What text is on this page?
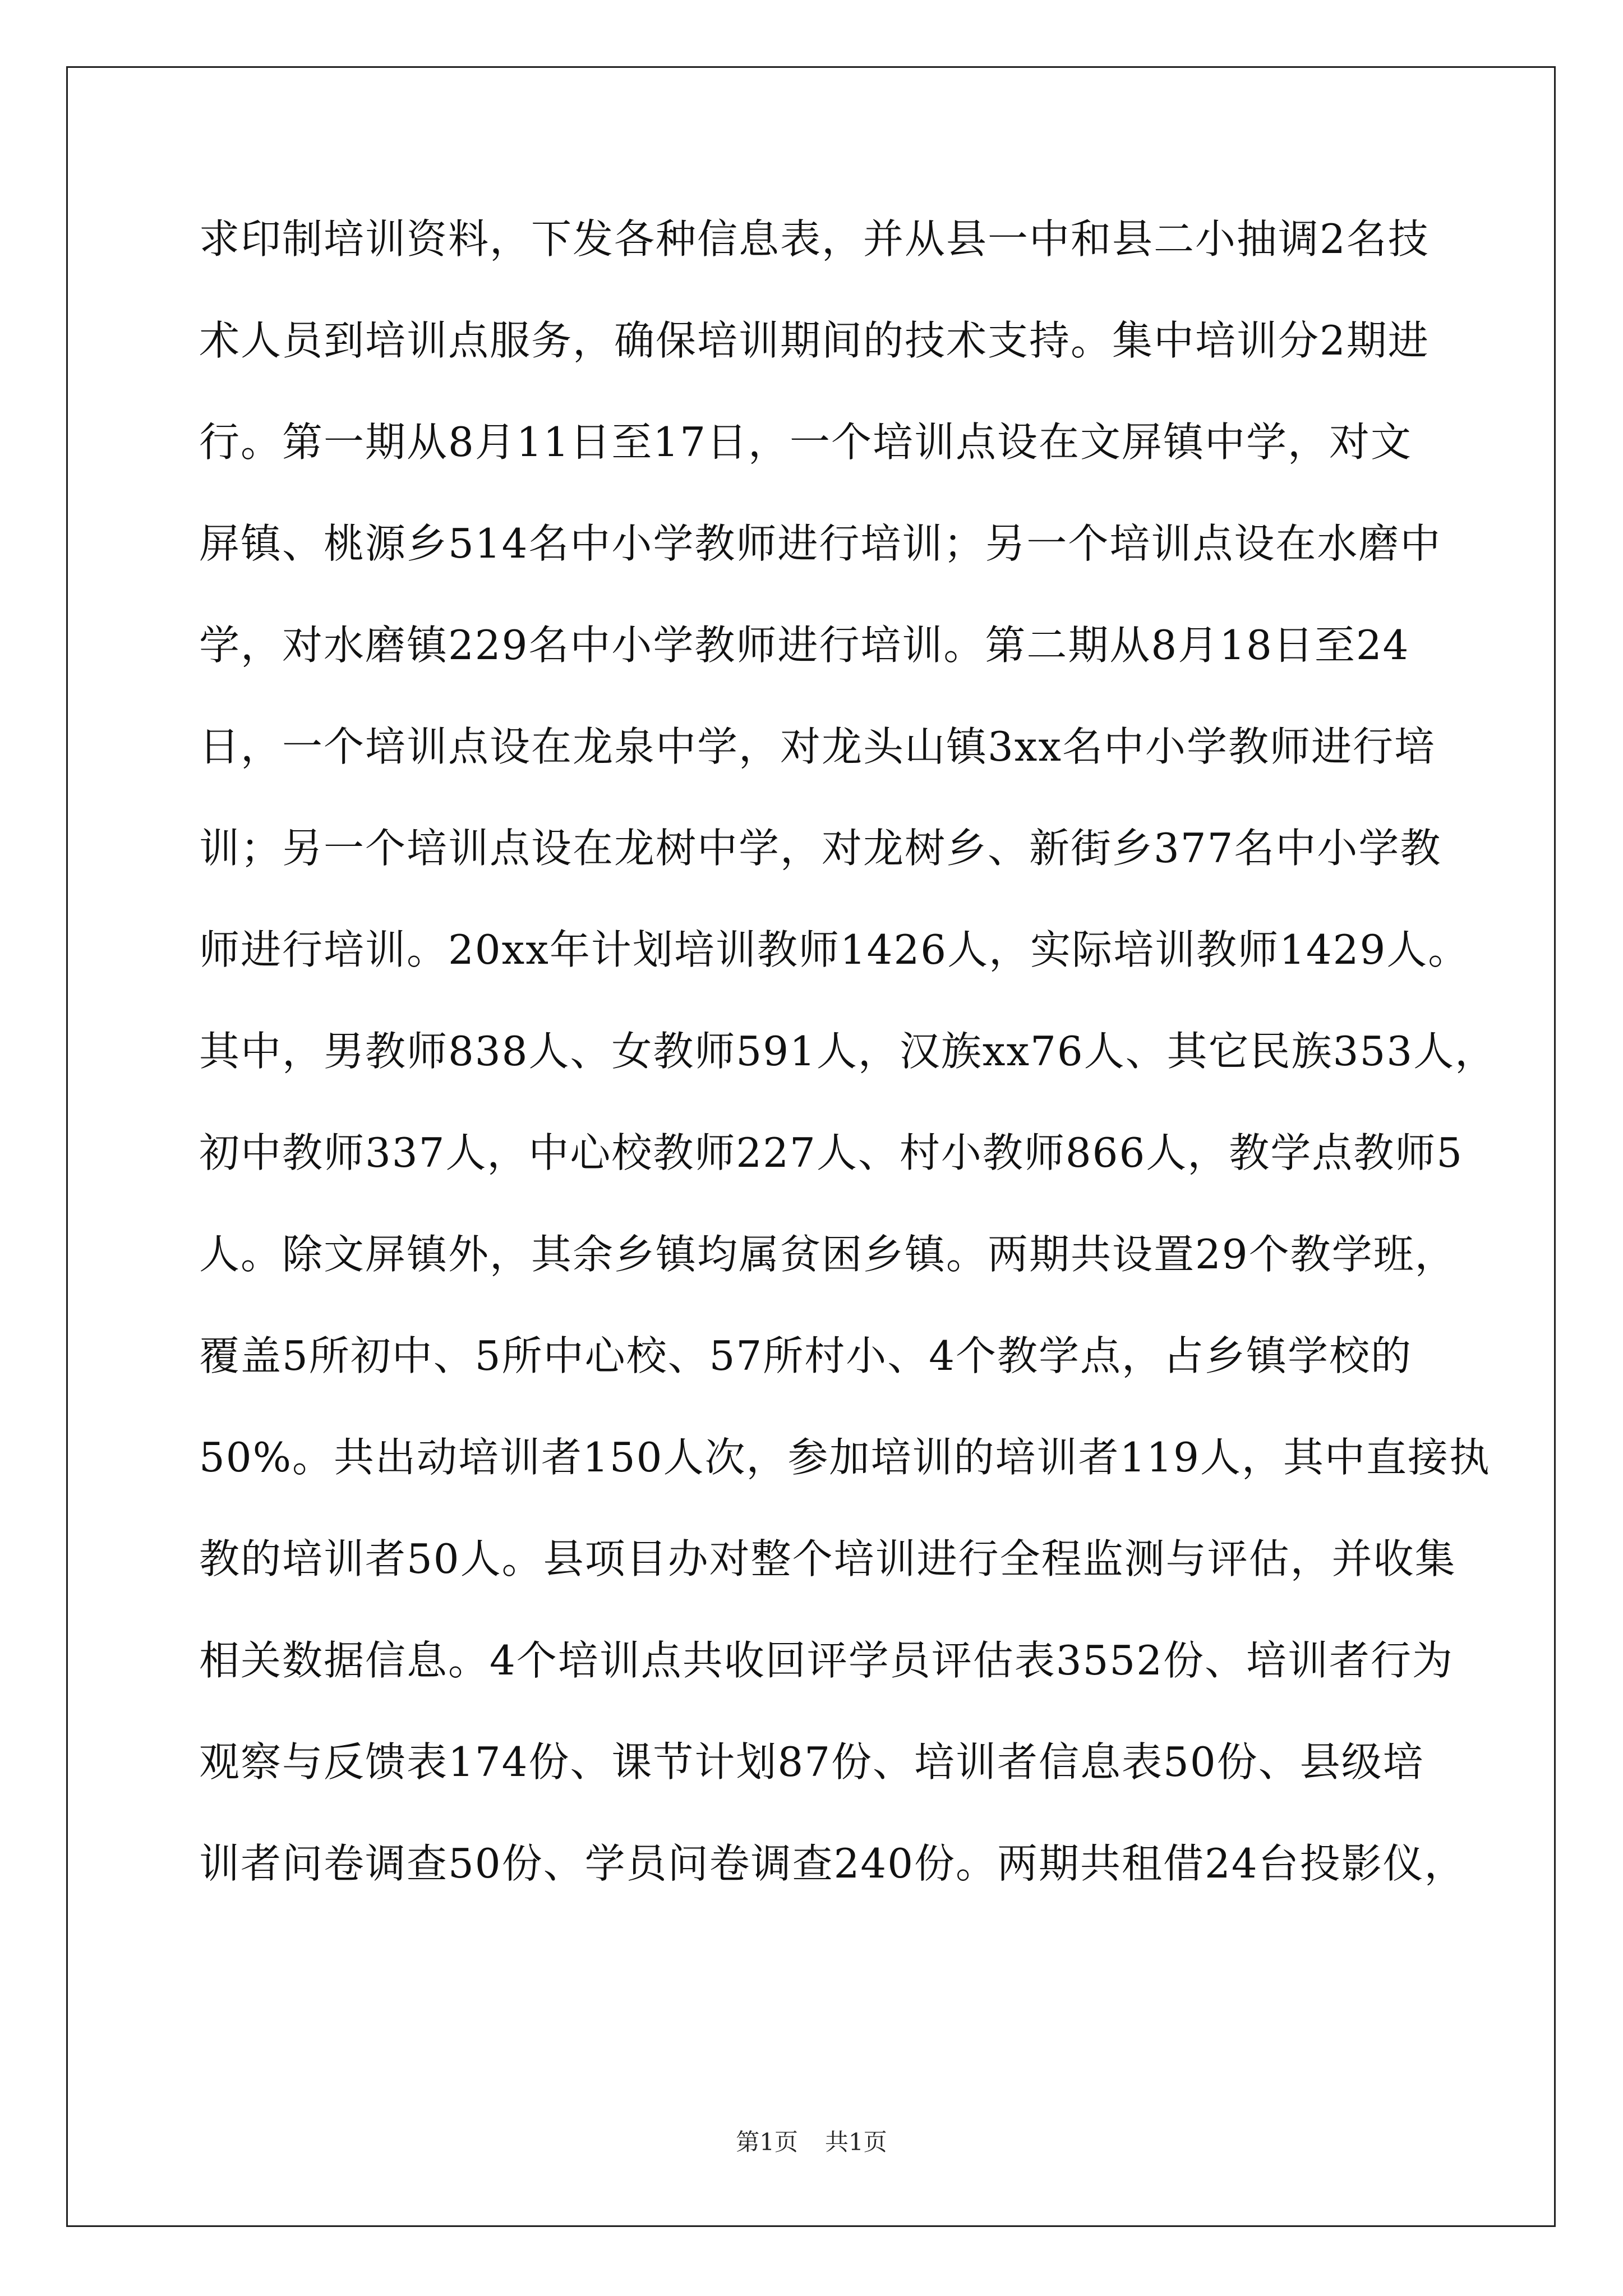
求印制培训资料，下发各种信息表，并从县一中和县二小抽调2名技
术人员到培训点服务，确保培训期间的技术支持。集中培训分2期进
行。第一期从8月11日至17日，一个培训点设在文屏镇中学，对文
屏镇、桃源乡514名中小学教师进行培训；另一个培训点设在水磨中
学，对水磨镇229名中小学教师进行培训。第二期从8月18日至24
日，一个培训点设在龙泉中学，对龙头山镇3xx名中小学教师进行培
训；另一个培训点设在龙树中学，对龙树乡、新街乡377名中小学教
师进行培训。20xx年计划培训教师1426人，实际培训教师1429人。
其中，男教师838人、女教师591人，汉族xx76人、其它民族353人，
初中教师337人，中心校教师227人、村小教师866人，教学点教师5
人。除文屏镇外，其余乡镇均属贫困乡镇。两期共设置29个教学班，
覆盖5所初中、5所中心校、57所村小、4个教学点，占乡镇学校的
50%。共出动培训者150人次，参加培训的培训者119人，其中直接执
教的培训者50人。县项目办对整个培训进行全程监测与评估，并收集
相关数据信息。4个培训点共收回评学员评估表3552份、培训者行为
观察与反馈表174份、课节计划87份、培训者信息表50份、县级培
训者问卷调查50份、学员问卷调查240份。两期共租借24台投影仪，
第1页 共1页
